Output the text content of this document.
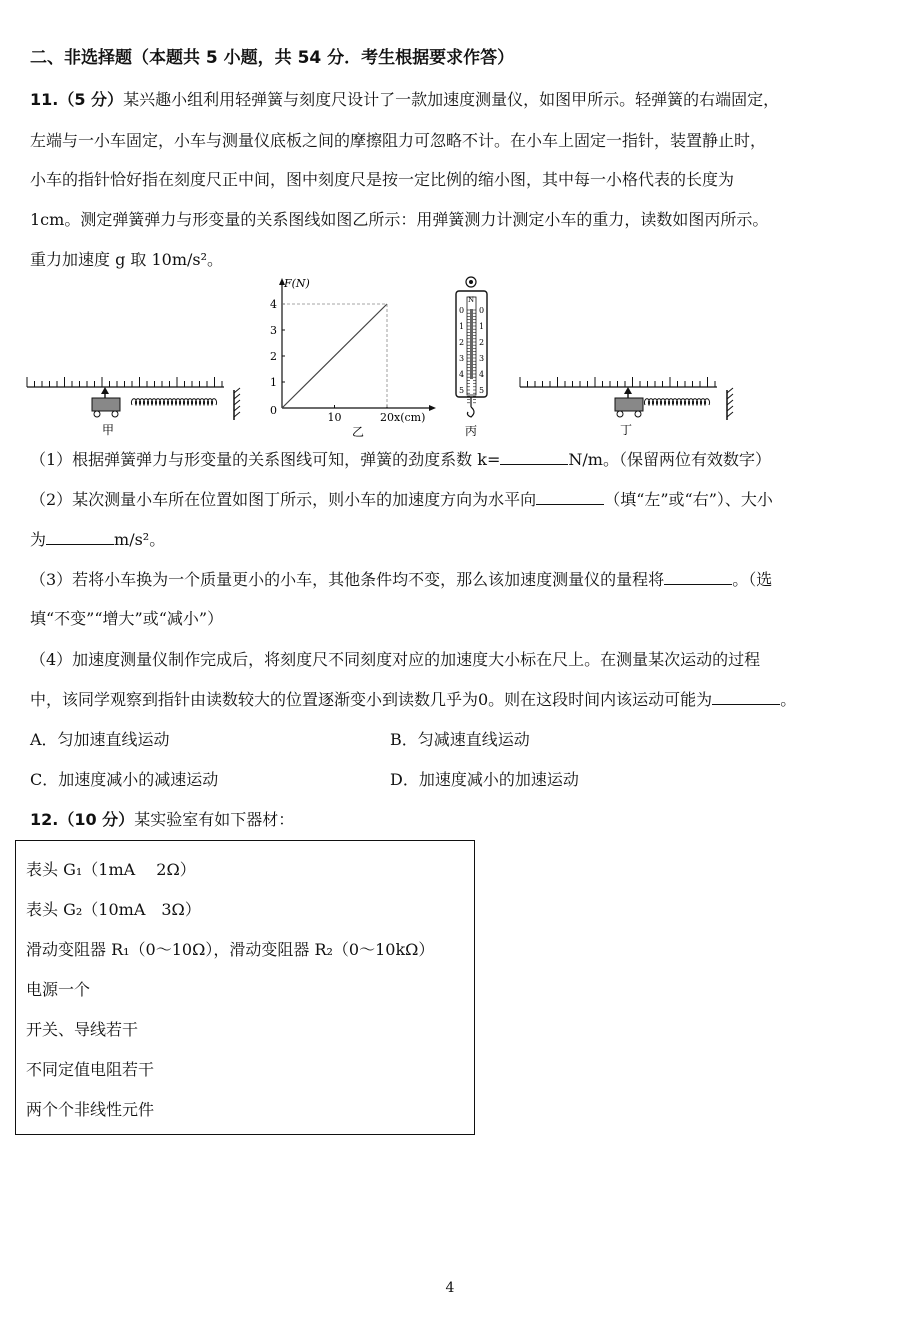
二、非选择题（本题共 5 小题，共 54 分．考生根据要求作答）
11.（5 分）某兴趣小组利用轻弹簧与刻度尺设计了一款加速度测量仪，如图甲所示。轻弹簧的右端固定，
左端与一小车固定，小车与测量仪底板之间的摩擦阻力可忽略不计。在小车上固定一指针，装置静止时，
小车的指针恰好指在刻度尺正中间，图中刻度尺是按一定比例的缩小图，其中每一小格代表的长度为
1cm。测定弹簧弹力与形变量的关系图线如图乙所示：用弹簧测力计测定小车的重力，读数如图丙所示。
重力加速度 g 取 10m/s²。
甲
F(N)
x(cm)
0
1
2
3
4
10	20
乙
N
0
1
2
3
4
5
0
1
2
3
4
5
丙	丁
（1）根据弹簧弹力与形变量的关系图线可知，弹簧的劲度系数 k=	N/m。（保留两位有效数字）
（2）某次测量小车所在位置如图丁所示，则小车的加速度方向为水平向	（填“左”或“右”）、大小
为	m/s²。
（3）若将小车换为一个质量更小的小车，其他条件均不变，那么该加速度测量仪的量程将	。（选
填“不变”“增大”或“减小”）
（4）加速度测量仪制作完成后，将刻度尺不同刻度对应的加速度大小标在尺上。在测量某次运动的过程
中，该同学观察到指针由读数较大的位置逐渐变小到读数几乎为0。则在这段时间内该运动可能为	。
A．匀加速直线运动	B．匀减速直线运动
C．加速度减小的减速运动	D．加速度减小的加速运动
12.（10 分）某实验室有如下器材：
表头 G₁（1mA　 2Ω）
表头 G₂（10mA　3Ω）
滑动变阻器 R₁（0～10Ω），滑动变阻器 R₂（0～10kΩ）
电源一个
开关、导线若干
不同定值电阻若干
两个个非线性元件
4
